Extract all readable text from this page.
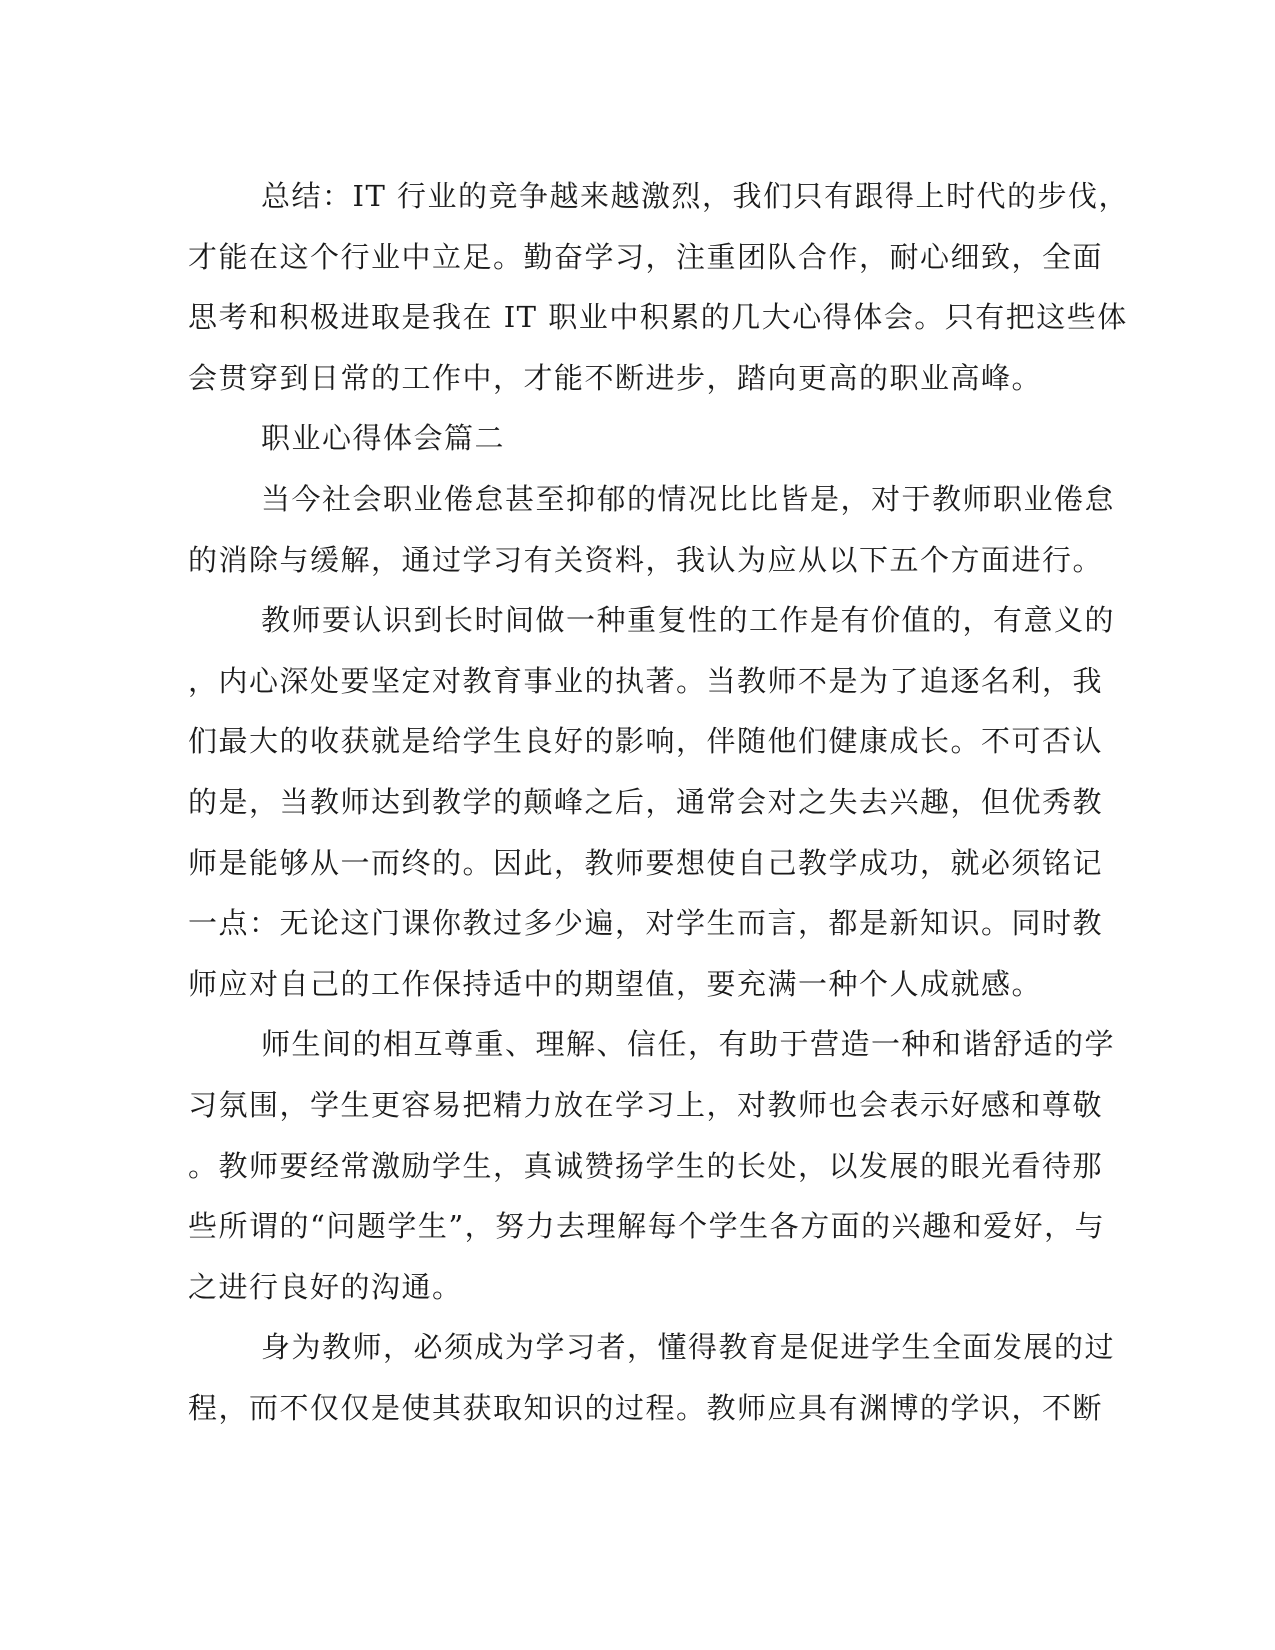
总结：IT 行业的竞争越来越激烈，我们只有跟得上时代的步伐，
才能在这个行业中立足。勤奋学习，注重团队合作，耐心细致，全面
思考和积极进取是我在 IT 职业中积累的几大心得体会。只有把这些体
会贯穿到日常的工作中，才能不断进步，踏向更高的职业高峰。
职业心得体会篇二
当今社会职业倦怠甚至抑郁的情况比比皆是，对于教师职业倦怠
的消除与缓解，通过学习有关资料，我认为应从以下五个方面进行。
教师要认识到长时间做一种重复性的工作是有价值的，有意义的
，内心深处要坚定对教育事业的执著。当教师不是为了追逐名利，我
们最大的收获就是给学生良好的影响，伴随他们健康成长。不可否认
的是，当教师达到教学的颠峰之后，通常会对之失去兴趣，但优秀教
师是能够从一而终的。因此，教师要想使自己教学成功，就必须铭记
一点：无论这门课你教过多少遍，对学生而言，都是新知识。同时教
师应对自己的工作保持适中的期望值，要充满一种个人成就感。
师生间的相互尊重、理解、信任，有助于营造一种和谐舒适的学
习氛围，学生更容易把精力放在学习上，对教师也会表示好感和尊敬
。教师要经常激励学生，真诚赞扬学生的长处，以发展的眼光看待那
些所谓的“问题学生”，努力去理解每个学生各方面的兴趣和爱好，与
之进行良好的沟通。
身为教师，必须成为学习者，懂得教育是促进学生全面发展的过
程，而不仅仅是使其获取知识的过程。教师应具有渊博的学识，不断
